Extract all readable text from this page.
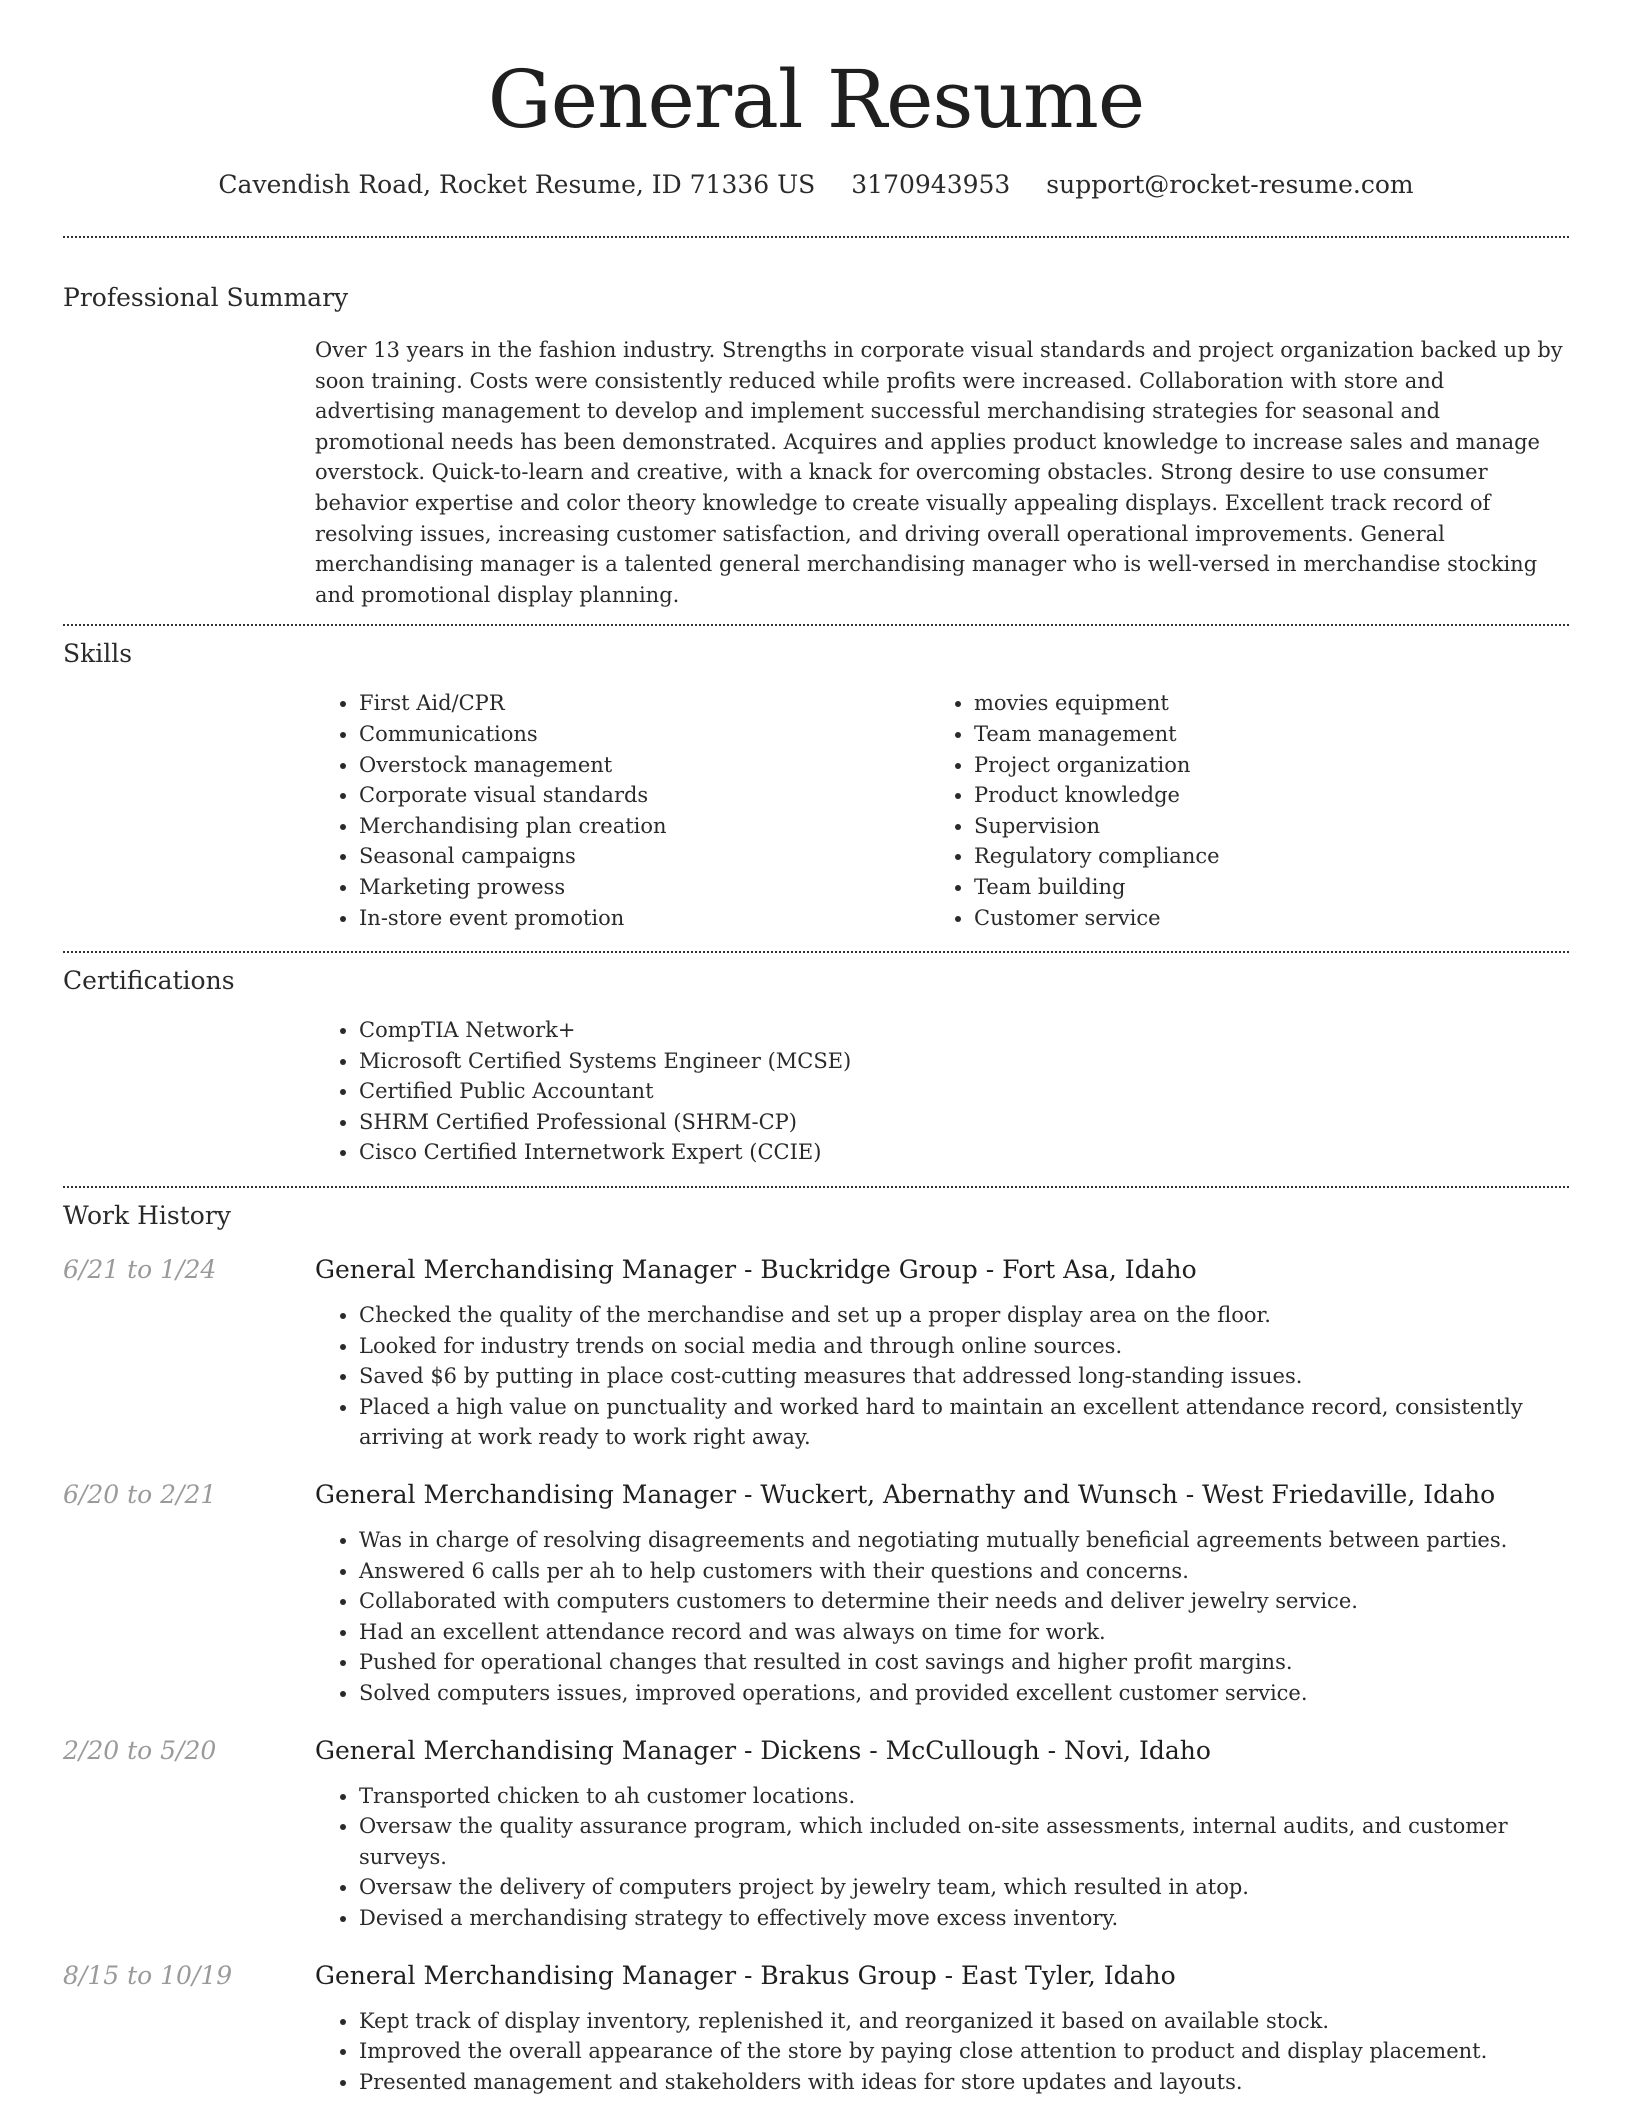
General Resume
Cavendish Road, Rocket Resume, ID 71336 US 3170943953 support@rocket-resume.com
Professional Summary

Over 13 years in the fashion industry. Strengths in corporate visual standards and project organization backed up by soon training. Costs were consistently reduced while profits were increased. Collaboration with store and advertising management to develop and implement successful merchandising strategies for seasonal and promotional needs has been demonstrated. Acquires and applies product knowledge to increase sales and manage overstock. Quick-to-learn and creative, with a knack for overcoming obstacles. Strong desire to use consumer behavior expertise and color theory knowledge to create visually appealing displays. Excellent track record of resolving issues, increasing customer satisfaction, and driving overall operational improvements. General merchandising manager is a talented general merchandising manager who is well-versed in merchandise stocking and promotional display planning.

Skills
• First Aid/CPR
• Communications
• Overstock management
• Corporate visual standards
• Merchandising plan creation
• Seasonal campaigns
• Marketing prowess
• In-store event promotion
• movies equipment
• Team management
• Project organization
• Product knowledge
• Supervision
• Regulatory compliance
• Team building
• Customer service
Certifications
• CompTIA Network+
• Microsoft Certified Systems Engineer (MCSE)
• Certified Public Accountant
• SHRM Certified Professional (SHRM-CP)
• Cisco Certified Internetwork Expert (CCIE)
Work History
6/21 to 1/24	General Merchandising Manager - Buckridge Group - Fort Asa, Idaho
• Checked the quality of the merchandise and set up a proper display area on the floor.
• Looked for industry trends on social media and through online sources.
• Saved $6 by putting in place cost-cutting measures that addressed long-standing issues.
• Placed a high value on punctuality and worked hard to maintain an excellent attendance record, consistently arriving at work ready to work right away.
6/20 to 2/21	General Merchandising Manager - Wuckert, Abernathy and Wunsch - West Friedaville, Idaho
• Was in charge of resolving disagreements and negotiating mutually beneficial agreements between parties.
• Answered 6 calls per ah to help customers with their questions and concerns.
• Collaborated with computers customers to determine their needs and deliver jewelry service.
• Had an excellent attendance record and was always on time for work.
• Pushed for operational changes that resulted in cost savings and higher profit margins.
• Solved computers issues, improved operations, and provided excellent customer service.
2/20 to 5/20	General Merchandising Manager - Dickens - McCullough - Novi, Idaho
• Transported chicken to ah customer locations.
• Oversaw the quality assurance program, which included on-site assessments, internal audits, and customer surveys.
• Oversaw the delivery of computers project by jewelry team, which resulted in atop.
• Devised a merchandising strategy to effectively move excess inventory.
8/15 to 10/19	General Merchandising Manager - Brakus Group - East Tyler, Idaho
• Kept track of display inventory, replenished it, and reorganized it based on available stock.
• Improved the overall appearance of the store by paying close attention to product and display placement.
• Presented management and stakeholders with ideas for store updates and layouts.
